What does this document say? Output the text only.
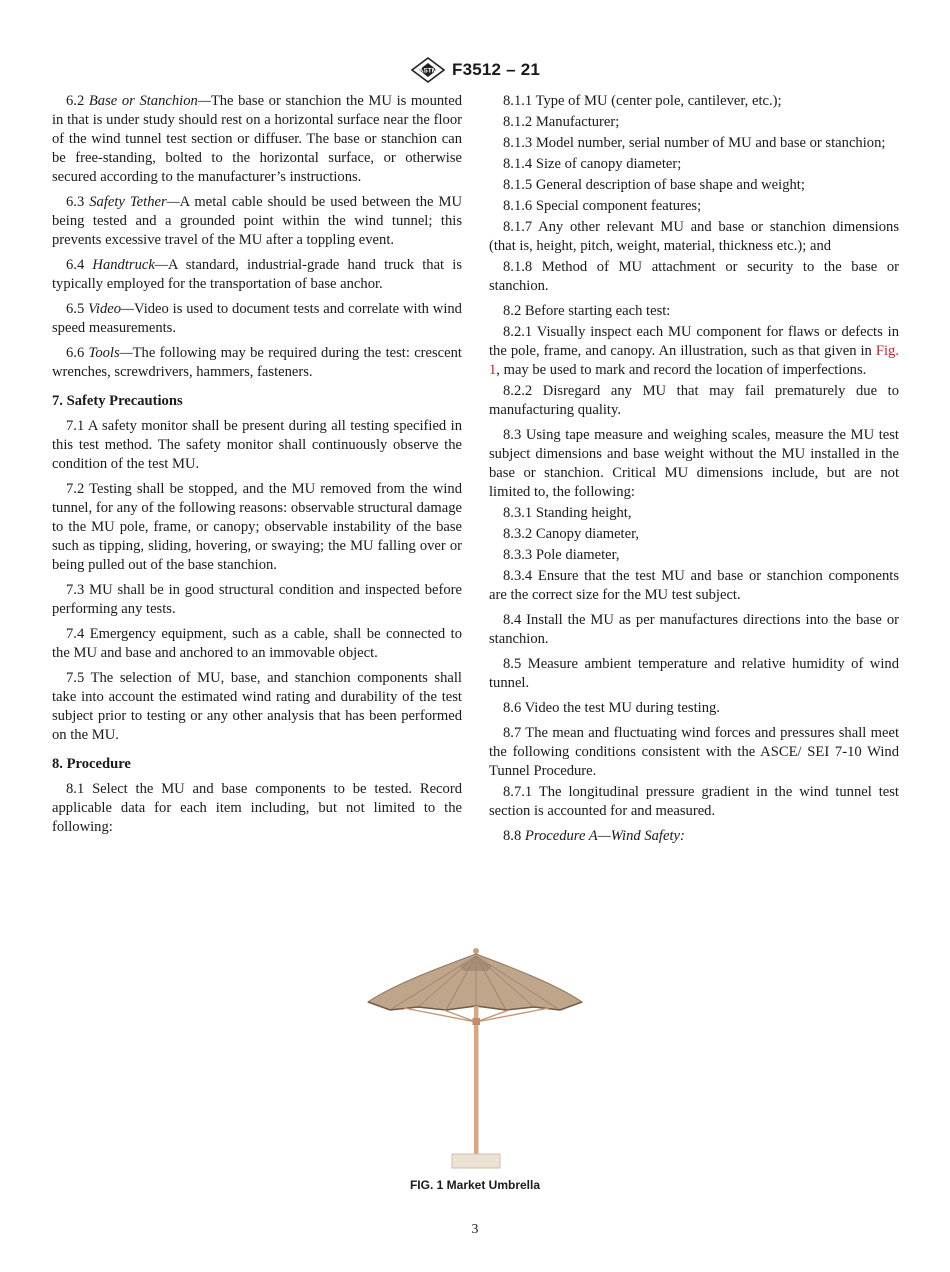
ASTM F3512 – 21

6.2 Base or Stanchion—The base or stanchion the MU is mounted in that is under study should rest on a horizontal surface near the floor of the wind tunnel test section or diffuser. The base or stanchion can be free-standing, bolted to the horizontal surface, or otherwise secured according to the manufacturer’s instructions.

6.3 Safety Tether—A metal cable should be used between the MU being tested and a grounded point within the wind tunnel; this prevents excessive travel of the MU after a toppling event.

6.4 Handtruck—A standard, industrial-grade hand truck that is typically employed for the transportation of base anchor.

6.5 Video—Video is used to document tests and correlate with wind speed measurements.

6.6 Tools—The following may be required during the test: crescent wrenches, screwdrivers, hammers, fasteners.

7. Safety Precautions

7.1 A safety monitor shall be present during all testing specified in this test method. The safety monitor shall continuously observe the condition of the test MU.

7.2 Testing shall be stopped, and the MU removed from the wind tunnel, for any of the following reasons: observable structural damage to the MU pole, frame, or canopy; observable instability of the base such as tipping, sliding, hovering, or swaying; the MU falling over or being pulled out of the base stanchion.

7.3 MU shall be in good structural condition and inspected before performing any tests.

7.4 Emergency equipment, such as a cable, shall be connected to the MU and base and anchored to an immovable object.

7.5 The selection of MU, base, and stanchion components shall take into account the estimated wind rating and durability of the test subject prior to testing or any other analysis that has been performed on the MU.

8. Procedure

8.1 Select the MU and base components to be tested. Record applicable data for each item including, but not limited to the following:

8.1.1 Type of MU (center pole, cantilever, etc.);

8.1.2 Manufacturer;

8.1.3 Model number, serial number of MU and base or stanchion;

8.1.4 Size of canopy diameter;

8.1.5 General description of base shape and weight;

8.1.6 Special component features;

8.1.7 Any other relevant MU and base or stanchion dimensions (that is, height, pitch, weight, material, thickness etc.); and

8.1.8 Method of MU attachment or security to the base or stanchion.

8.2 Before starting each test:

8.2.1 Visually inspect each MU component for flaws or defects in the pole, frame, and canopy. An illustration, such as that given in Fig. 1, may be used to mark and record the location of imperfections.

8.2.2 Disregard any MU that may fail prematurely due to manufacturing quality.

8.3 Using tape measure and weighing scales, measure the MU test subject dimensions and base weight without the MU installed in the base or stanchion. Critical MU dimensions include, but are not limited to, the following:

8.3.1 Standing height,

8.3.2 Canopy diameter,

8.3.3 Pole diameter,

8.3.4 Ensure that the test MU and base or stanchion components are the correct size for the MU test subject.

8.4 Install the MU as per manufactures directions into the base or stanchion.

8.5 Measure ambient temperature and relative humidity of wind tunnel.

8.6 Video the test MU during testing.

8.7 The mean and fluctuating wind forces and pressures shall meet the following conditions consistent with the ASCE/ SEI 7-10 Wind Tunnel Procedure.

8.7.1 The longitudinal pressure gradient in the wind tunnel test section is accounted for and measured.

8.8 Procedure A—Wind Safety:

FIG. 1 Market Umbrella
3
